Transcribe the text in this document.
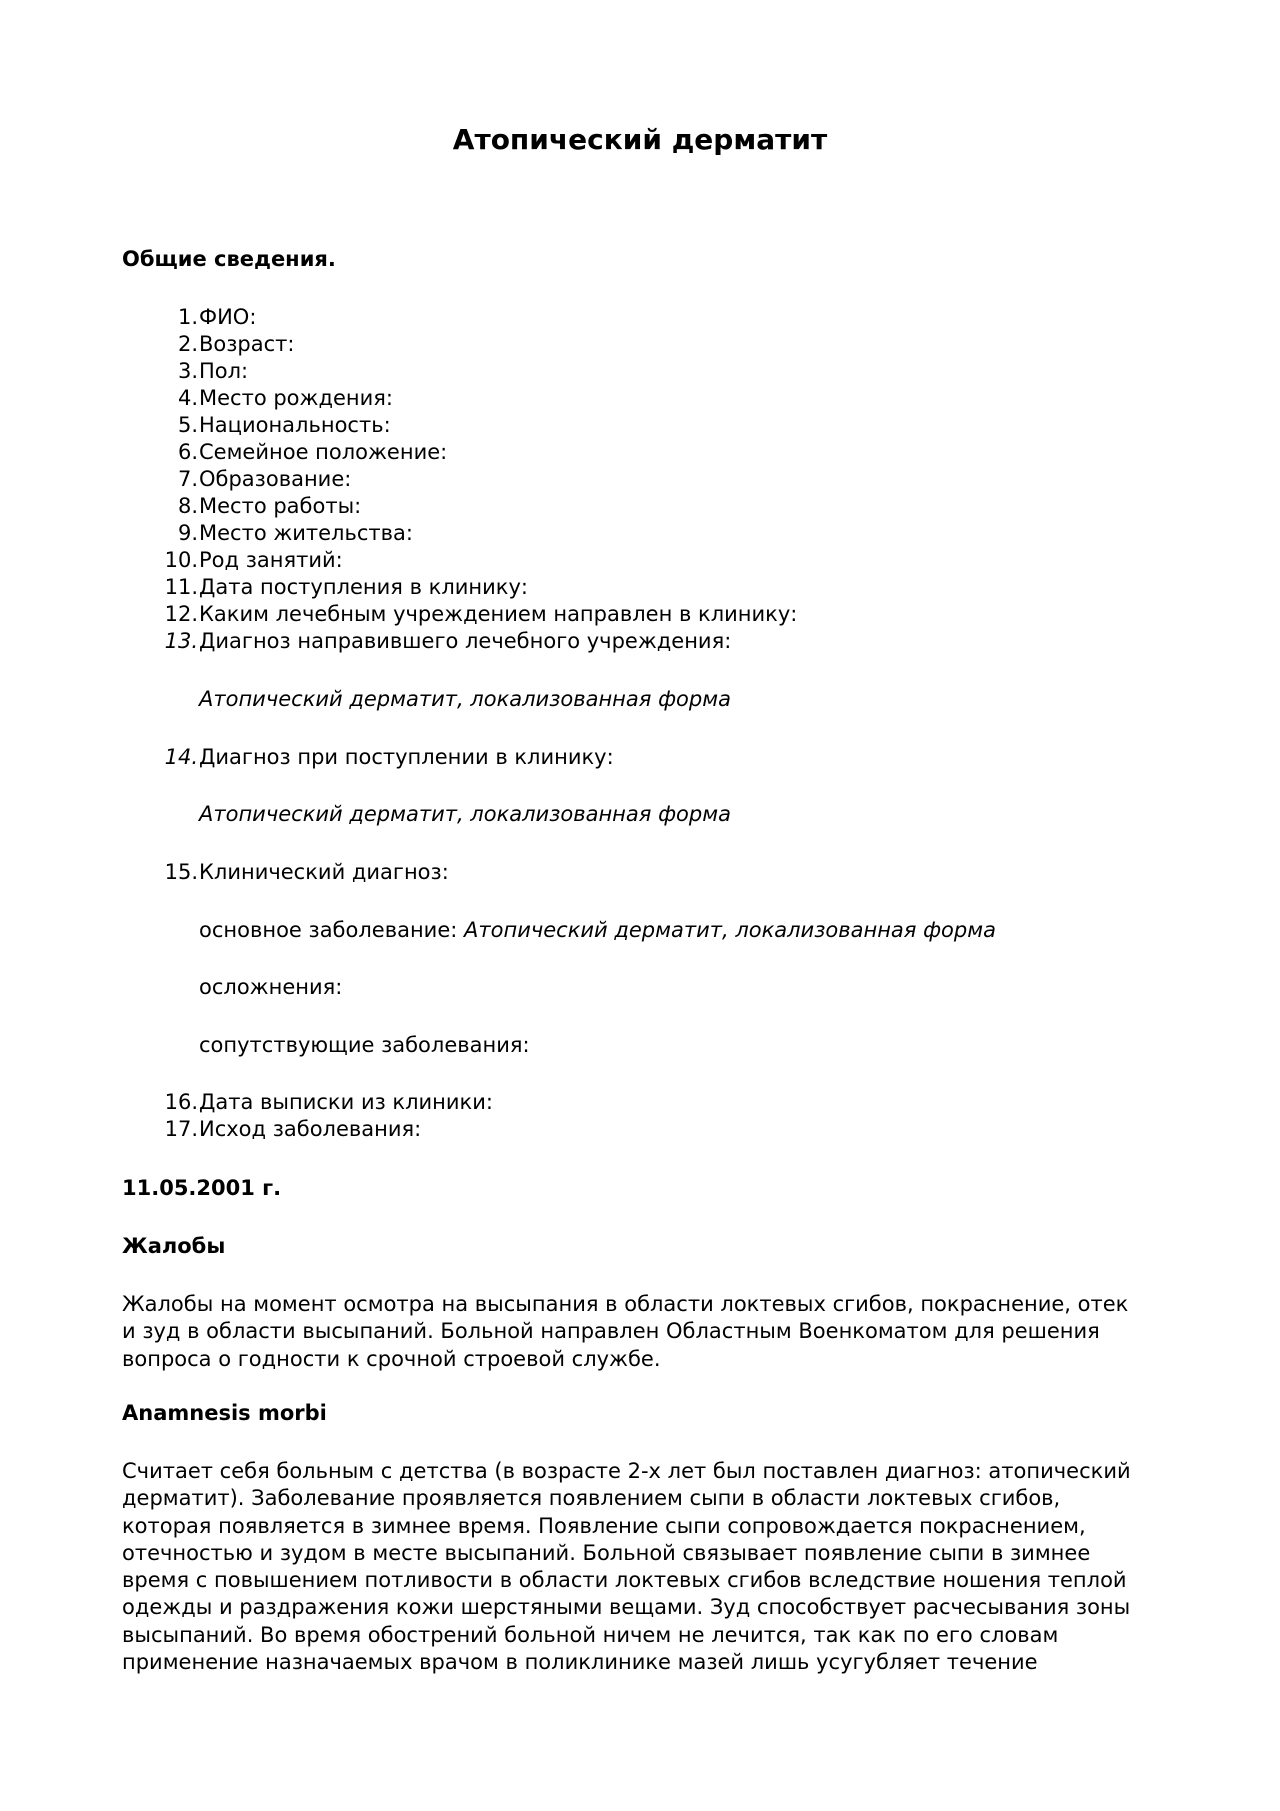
Атопический дерматит
Общие сведения.
1. ФИО:
2. Возраст:
3. Пол:
4. Место рождения:
5. Национальность:
6. Семейное положение:
7. Образование:
8. Место работы:
9. Место жительства:
10. Род занятий:
11. Дата поступления в клинику:
12. Каким лечебным учреждением направлен в клинику:
13. Диагноз направившего лечебного учреждения:
Атопический дерматит, локализованная форма
14. Диагноз при поступлении в клинику:
Атопический дерматит, локализованная форма
15. Клинический диагноз:
основное заболевание: Атопический дерматит, локализованная форма
осложнения:
сопутствующие заболевания:
16. Дата выписки из клиники:
17. Исход заболевания:
11.05.2001 г.
Жалобы
Жалобы на момент осмотра на высыпания в области локтевых сгибов, покраснение, отек
и зуд в области высыпаний. Больной направлен Областным Военкоматом для решения
вопроса о годности к срочной строевой службе.
Anamnesis morbi
Считает себя больным с детства (в возрасте 2-х лет был поставлен диагноз: атопический
дерматит). Заболевание проявляется появлением сыпи в области локтевых сгибов,
которая появляется в зимнее время. Появление сыпи сопровождается покраснением,
отечностью и зудом в месте высыпаний. Больной связывает появление сыпи в зимнее
время с повышением потливости в области локтевых сгибов вследствие ношения теплой
одежды и раздражения кожи шерстяными вещами. Зуд способствует расчесывания зоны
высыпаний. Во время обострений больной ничем не лечится, так как по его словам
применение назначаемых врачом в поликлинике мазей лишь усугубляет течение
